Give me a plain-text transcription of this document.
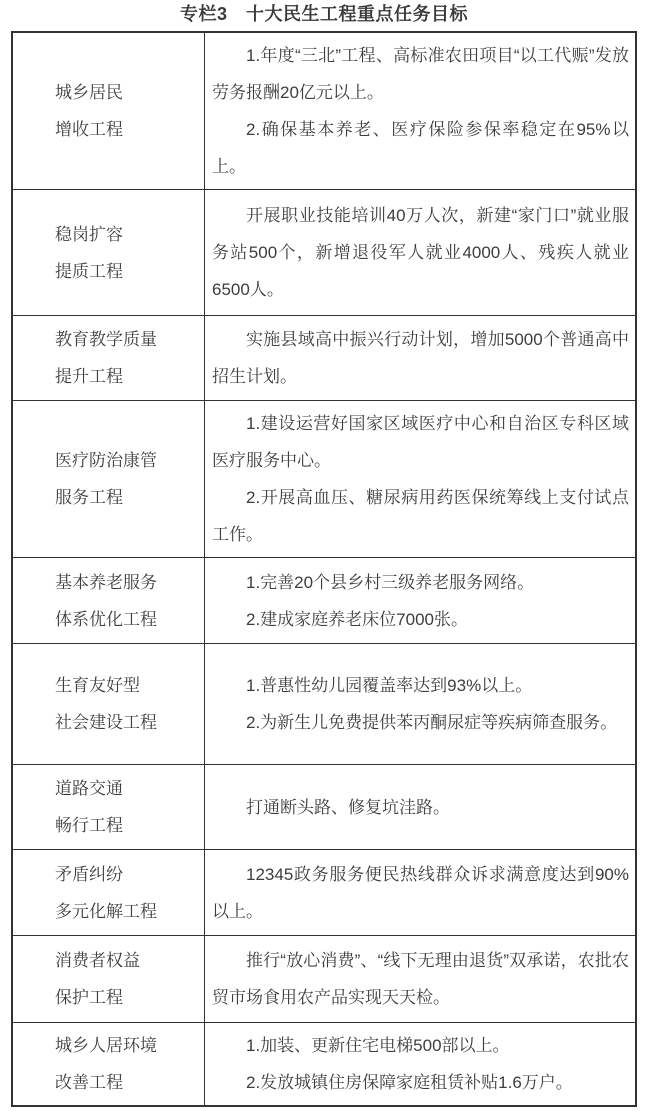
专栏3　十大民生工程重点任务目标
城乡居民
增收工程
1.年度“三北”工程、高标准农田项目“以工代赈”发放劳务报酬20亿元以上。
2.确保基本养老、医疗保险参保率稳定在95%以上。
稳岗扩容
提质工程
开展职业技能培训40万人次，新建“家门口”就业服务站500个，新增退役军人就业4000人、残疾人就业6500人。
教育教学质量
提升工程
实施县域高中振兴行动计划，增加5000个普通高中招生计划。
医疗防治康管
服务工程
1.建设运营好国家区域医疗中心和自治区专科区域医疗服务中心。
2.开展高血压、糖尿病用药医保统筹线上支付试点工作。
基本养老服务
体系优化工程
1.完善20个县乡村三级养老服务网络。
2.建成家庭养老床位7000张。
生育友好型
社会建设工程
1.普惠性幼儿园覆盖率达到93%以上。
2.为新生儿免费提供苯丙酮尿症等疾病筛查服务。
道路交通
畅行工程
打通断头路、修复坑洼路。
矛盾纠纷
多元化解工程
12345政务服务便民热线群众诉求满意度达到90%以上。
消费者权益
保护工程
推行“放心消费”、“线下无理由退货”双承诺，农批农贸市场食用农产品实现天天检。
城乡人居环境
改善工程
1.加装、更新住宅电梯500部以上。
2.发放城镇住房保障家庭租赁补贴1.6万户。
